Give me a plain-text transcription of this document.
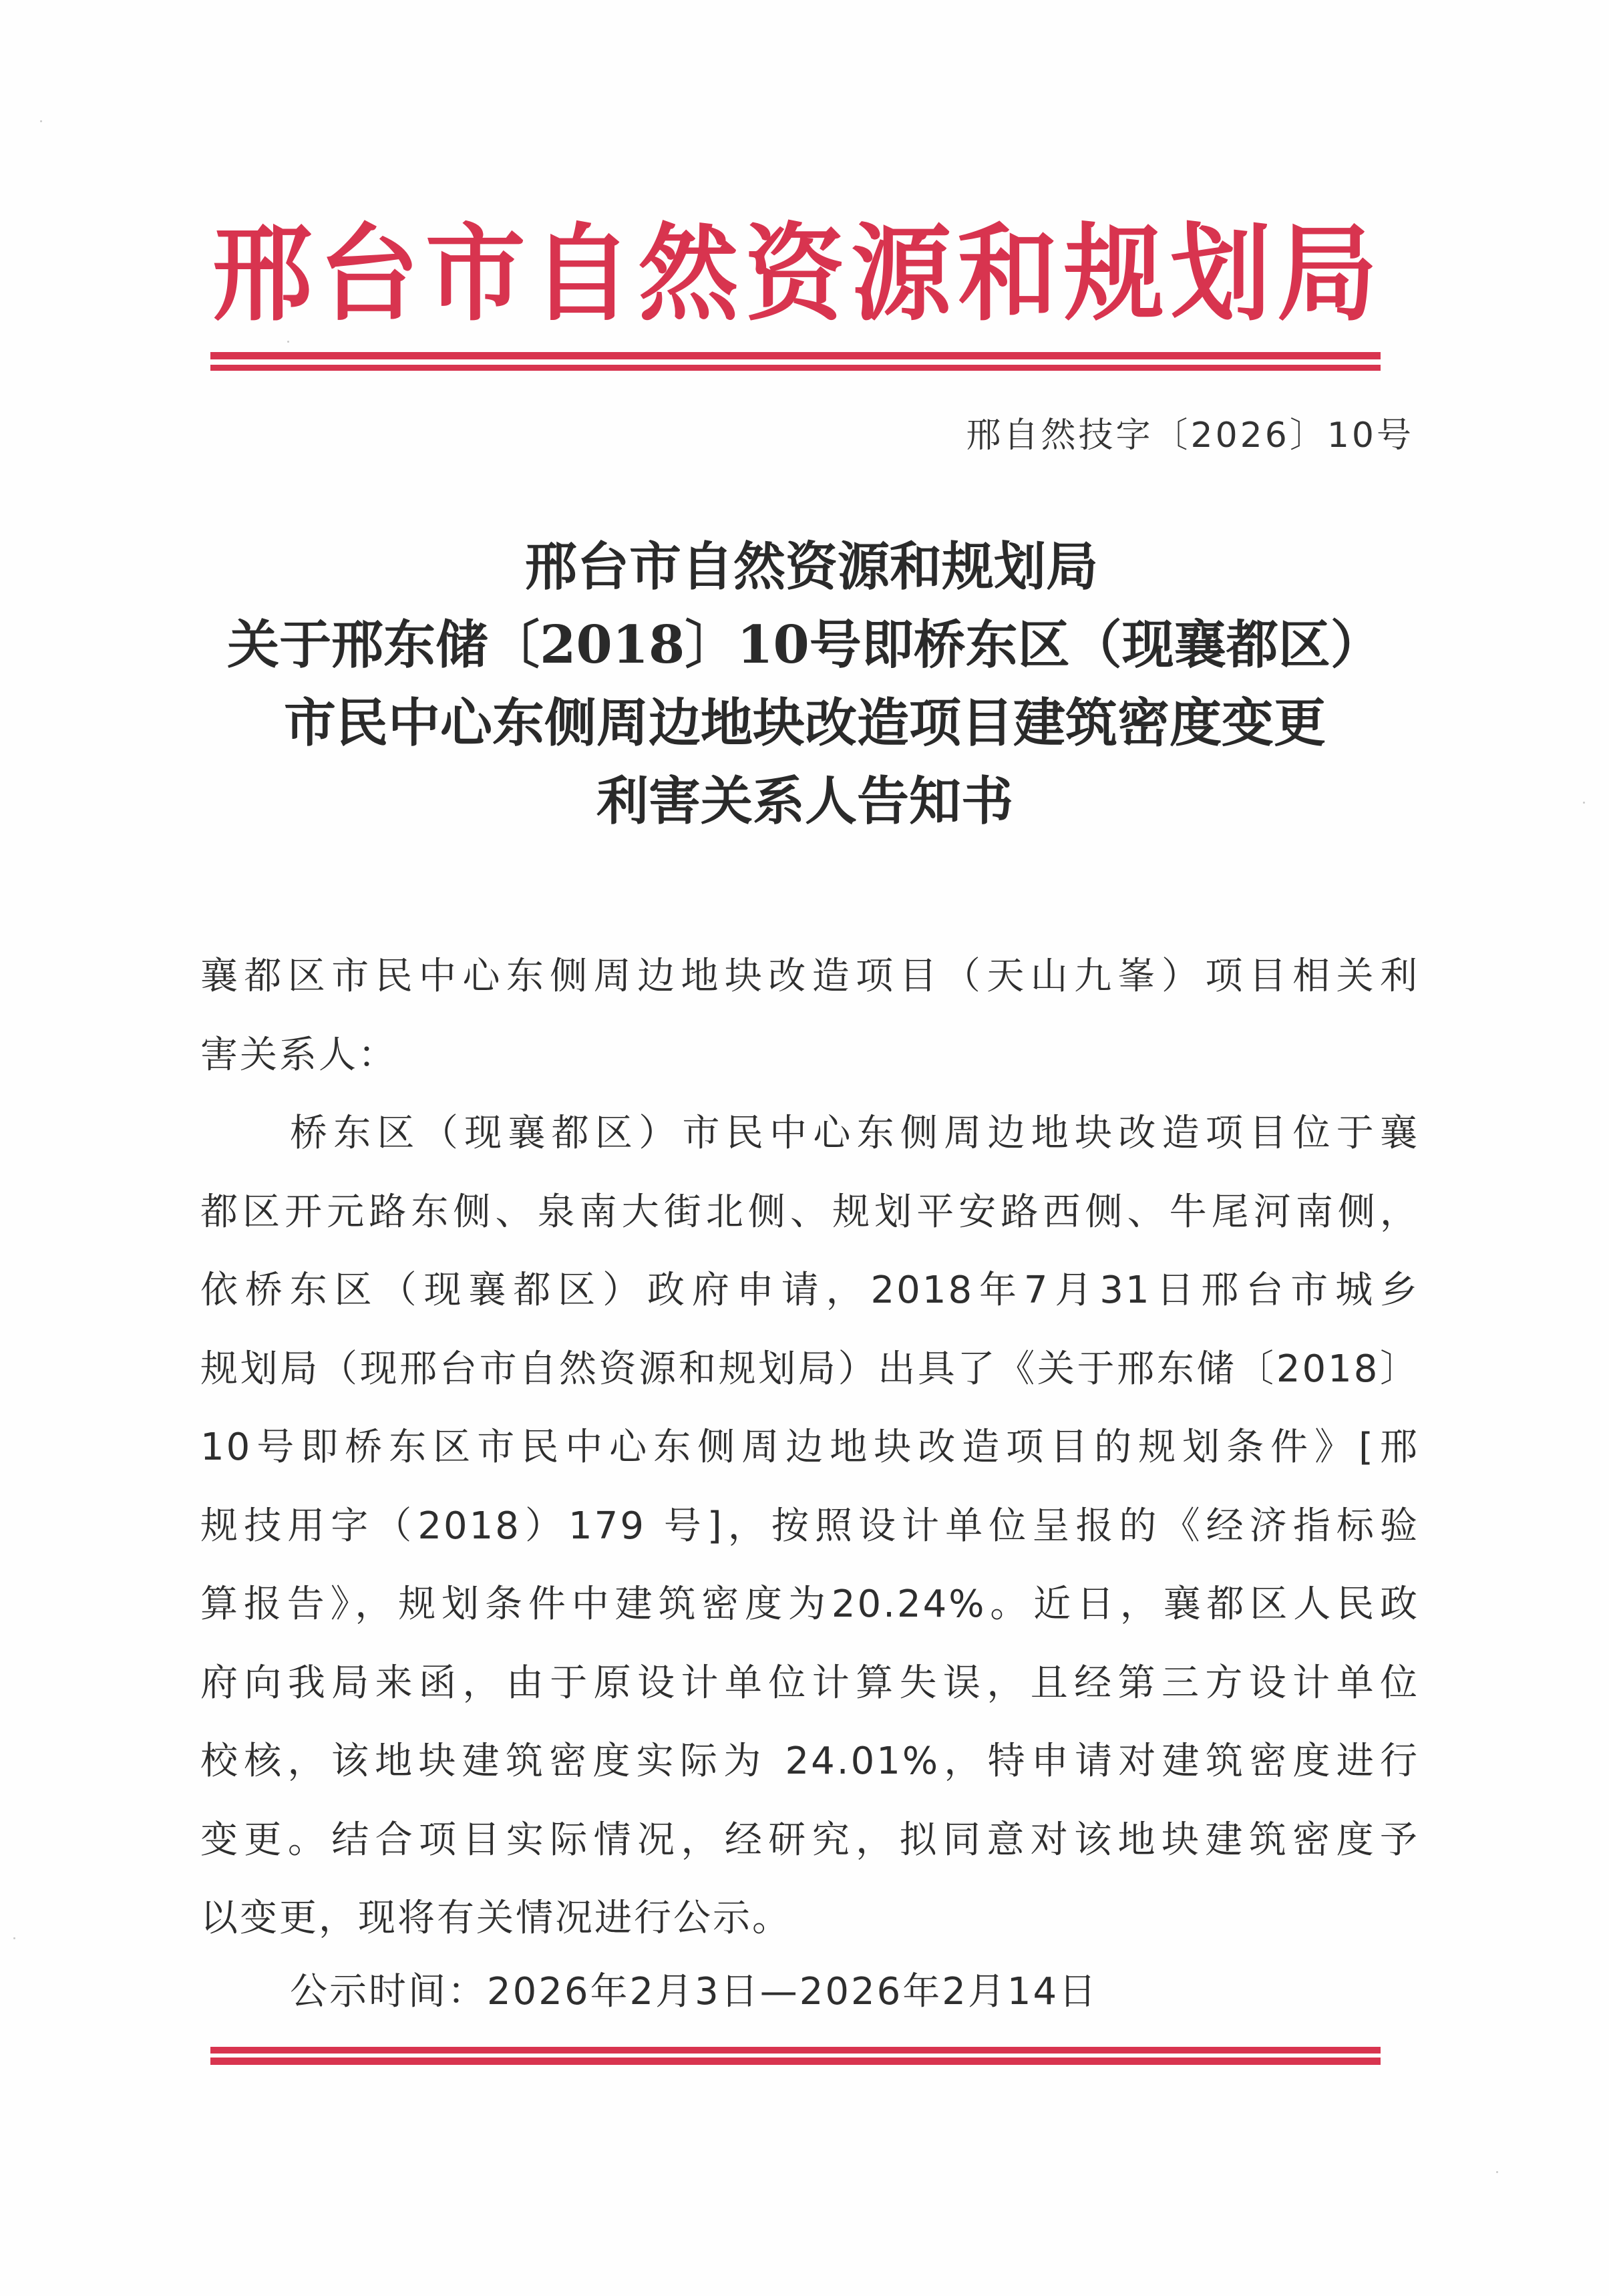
邢 台 市 自 然 资 源 和 规 划 局
邢自然技字〔2026〕10号
邢台市自然资源和规划局
关于邢东储〔2018〕10号即桥东区（现襄都区）
市民中心东侧周边地块改造项目建筑密度变更
利害关系人告知书
襄都区市民中心东侧周边地块改造项目（天山九峯）项目相关利
害关系人：
桥东区（现襄都区）市民中心东侧周边地块改造项目位于襄
都区开元路东侧、泉南大街北侧、规划平安路西侧、牛尾河南侧，
依桥东区（现襄都区）政府申请，2018年7月31日邢台市城乡
规划局（现邢台市自然资源和规划局）出具了《关于邢东储〔2018〕
10号即桥东区市民中心东侧周边地块改造项目的规划条件》[邢
规技用字（2018）179 号]，按照设计单位呈报的《经济指标验
算报告》，规划条件中建筑密度为20.24%。近日，襄都区人民政
府向我局来函，由于原设计单位计算失误，且经第三方设计单位
校核，该地块建筑密度实际为 24.01%，特申请对建筑密度进行
变更。结合项目实际情况，经研究，拟同意对该地块建筑密度予
以变更，现将有关情况进行公示。
公示时间：2026年2月3日—2026年2月14日
